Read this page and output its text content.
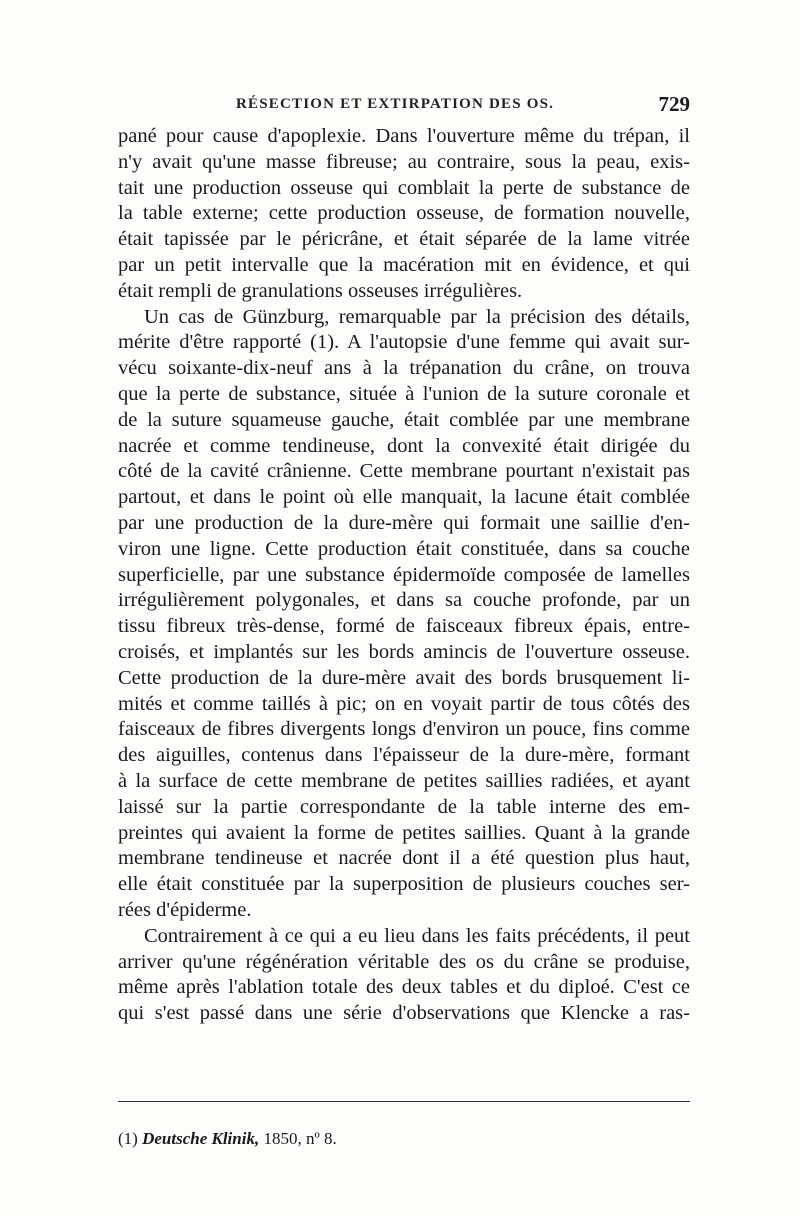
RÉSECTION ET EXTIRPATION DES OS.	729
pané pour cause d'apoplexie. Dans l'ouverture même du trépan, il
n'y avait qu'une masse fibreuse; au contraire, sous la peau, exis-
tait une production osseuse qui comblait la perte de substance de
la table externe; cette production osseuse, de formation nouvelle,
était tapissée par le péricrâne, et était séparée de la lame vitrée
par un petit intervalle que la macération mit en évidence, et qui
était rempli de granulations osseuses irrégulières.
Un cas de Günzburg, remarquable par la précision des détails,
mérite d'être rapporté (1). A l'autopsie d'une femme qui avait sur-
vécu soixante-dix-neuf ans à la trépanation du crâne, on trouva
que la perte de substance, située à l'union de la suture coronale et
de la suture squameuse gauche, était comblée par une membrane
nacrée et comme tendineuse, dont la convexité était dirigée du
côté de la cavité crânienne. Cette membrane pourtant n'existait pas
partout, et dans le point où elle manquait, la lacune était comblée
par une production de la dure-mère qui formait une saillie d'en-
viron une ligne. Cette production était constituée, dans sa couche
superficielle, par une substance épidermoïde composée de lamelles
irrégulièrement polygonales, et dans sa couche profonde, par un
tissu fibreux très-dense, formé de faisceaux fibreux épais, entre-
croisés, et implantés sur les bords amincis de l'ouverture osseuse.
Cette production de la dure-mère avait des bords brusquement li-
mités et comme taillés à pic; on en voyait partir de tous côtés des
faisceaux de fibres divergents longs d'environ un pouce, fins comme
des aiguilles, contenus dans l'épaisseur de la dure-mère, formant
à la surface de cette membrane de petites saillies radiées, et ayant
laissé sur la partie correspondante de la table interne des em-
preintes qui avaient la forme de petites saillies. Quant à la grande
membrane tendineuse et nacrée dont il a été question plus haut,
elle était constituée par la superposition de plusieurs couches ser-
rées d'épiderme.
Contrairement à ce qui a eu lieu dans les faits précédents, il peut
arriver qu'une régénération véritable des os du crâne se produise,
même après l'ablation totale des deux tables et du diploé. C'est ce
qui s'est passé dans une série d'observations que Klencke a ras-
(1) Deutsche Klinik, 1850, nº 8.
